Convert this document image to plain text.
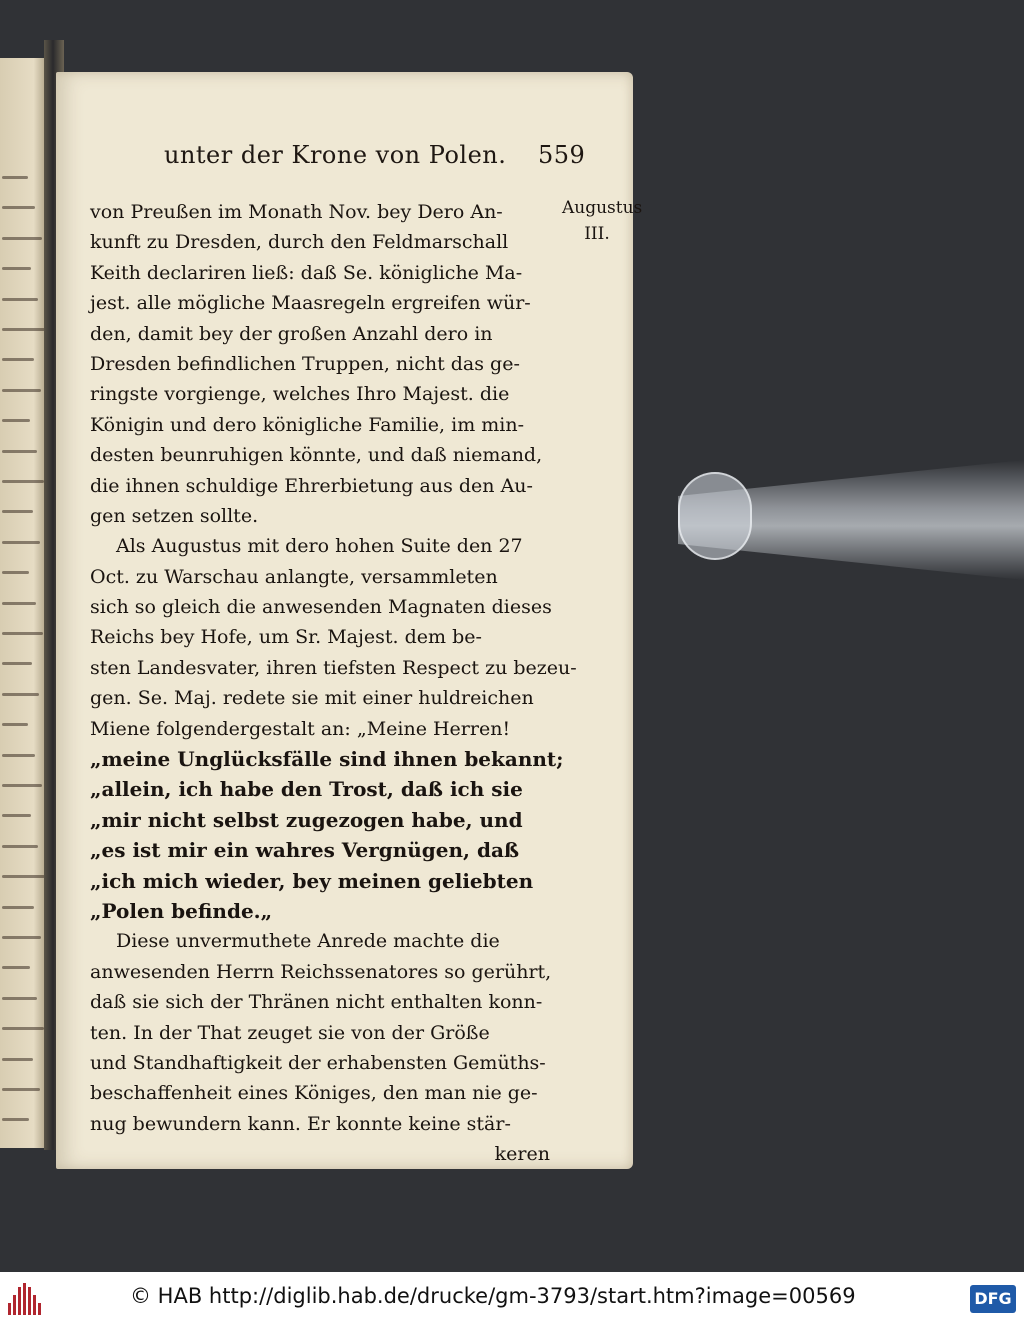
unter der Krone von Polen. 559
von Preußen im Monath Nov. bey Dero An-
kunft zu Dresden, durch den Feldmarschall
Keith declariren ließ: daß Se. königliche Ma-
jest. alle mögliche Maasregeln ergreifen wür-
den, damit bey der großen Anzahl dero in
Dresden befindlichen Truppen, nicht das ge-
ringste vorgienge, welches Ihro Majest. die
Königin und dero königliche Familie, im min-
desten beunruhigen könnte, und daß niemand,
die ihnen schuldige Ehrerbietung aus den Au-
gen setzen sollte.
Als Augustus mit dero hohen Suite den 27
Oct. zu Warschau anlangte, versammleten
sich so gleich die anwesenden Magnaten dieses
Reichs bey Hofe, um Sr. Majest. dem be-
sten Landesvater, ihren tiefsten Respect zu bezeu-
gen. Se. Maj. redete sie mit einer huldreichen
Miene folgendergestalt an: „Meine Herren!
„meine Unglücksfälle sind ihnen bekannt;
„allein, ich habe den Trost, daß ich sie
„mir nicht selbst zugezogen habe, und
„es ist mir ein wahres Vergnügen, daß
„ich mich wieder, bey meinen geliebten
„Polen befinde.„
Diese unvermuthete Anrede machte die
anwesenden Herrn Reichssenatores so gerührt,
daß sie sich der Thränen nicht enthalten konn-
ten. In der That zeuget sie von der Größe
und Standhaftigkeit der erhabensten Gemüths-
beschaffenheit eines Königes, den man nie ge-
nug bewundern kann. Er konnte keine stär-
keren
Augustus
III.
© HAB http://diglib.hab.de/drucke/gm-3793/start.htm?image=00569	DFG
